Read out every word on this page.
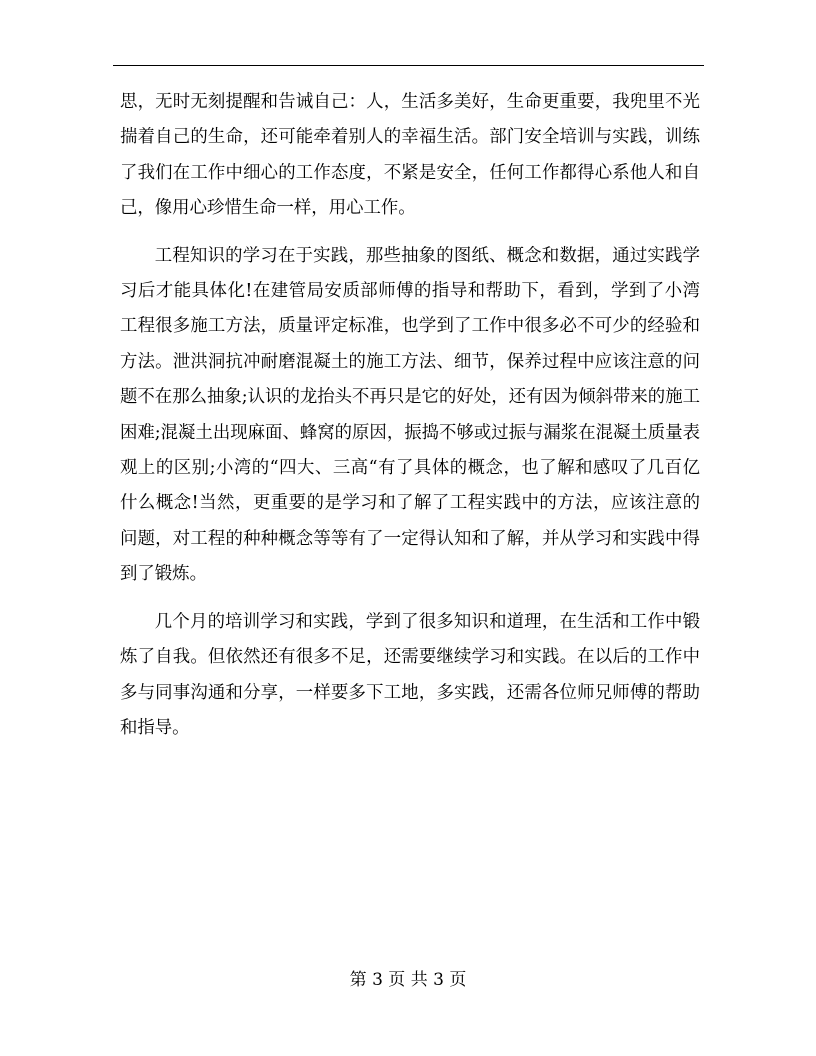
思，无时无刻提醒和告诫自己：人，生活多美好，生命更重要，我兜里不光揣着自己的生命，还可能牵着别人的幸福生活。部门安全培训与实践，训练了我们在工作中细心的工作态度，不紧是安全，任何工作都得心系他人和自己，像用心珍惜生命一样，用心工作。

工程知识的学习在于实践，那些抽象的图纸、概念和数据，通过实践学习后才能具体化!在建管局安质部师傅的指导和帮助下，看到，学到了小湾工程很多施工方法，质量评定标准，也学到了工作中很多必不可少的经验和方法。泄洪洞抗冲耐磨混凝土的施工方法、细节，保养过程中应该注意的问题不在那么抽象;认识的龙抬头不再只是它的好处，还有因为倾斜带来的施工困难;混凝土出现麻面、蜂窝的原因，振捣不够或过振与漏浆在混凝土质量表观上的区别;小湾的“四大、三高“有了具体的概念，也了解和感叹了几百亿什么概念!当然，更重要的是学习和了解了工程实践中的方法，应该注意的问题，对工程的种种概念等等有了一定得认知和了解，并从学习和实践中得到了锻炼。

几个月的培训学习和实践，学到了很多知识和道理，在生活和工作中锻炼了自我。但依然还有很多不足，还需要继续学习和实践。在以后的工作中多与同事沟通和分享，一样要多下工地，多实践，还需各位师兄师傅的帮助和指导。

第 3 页 共 3 页
